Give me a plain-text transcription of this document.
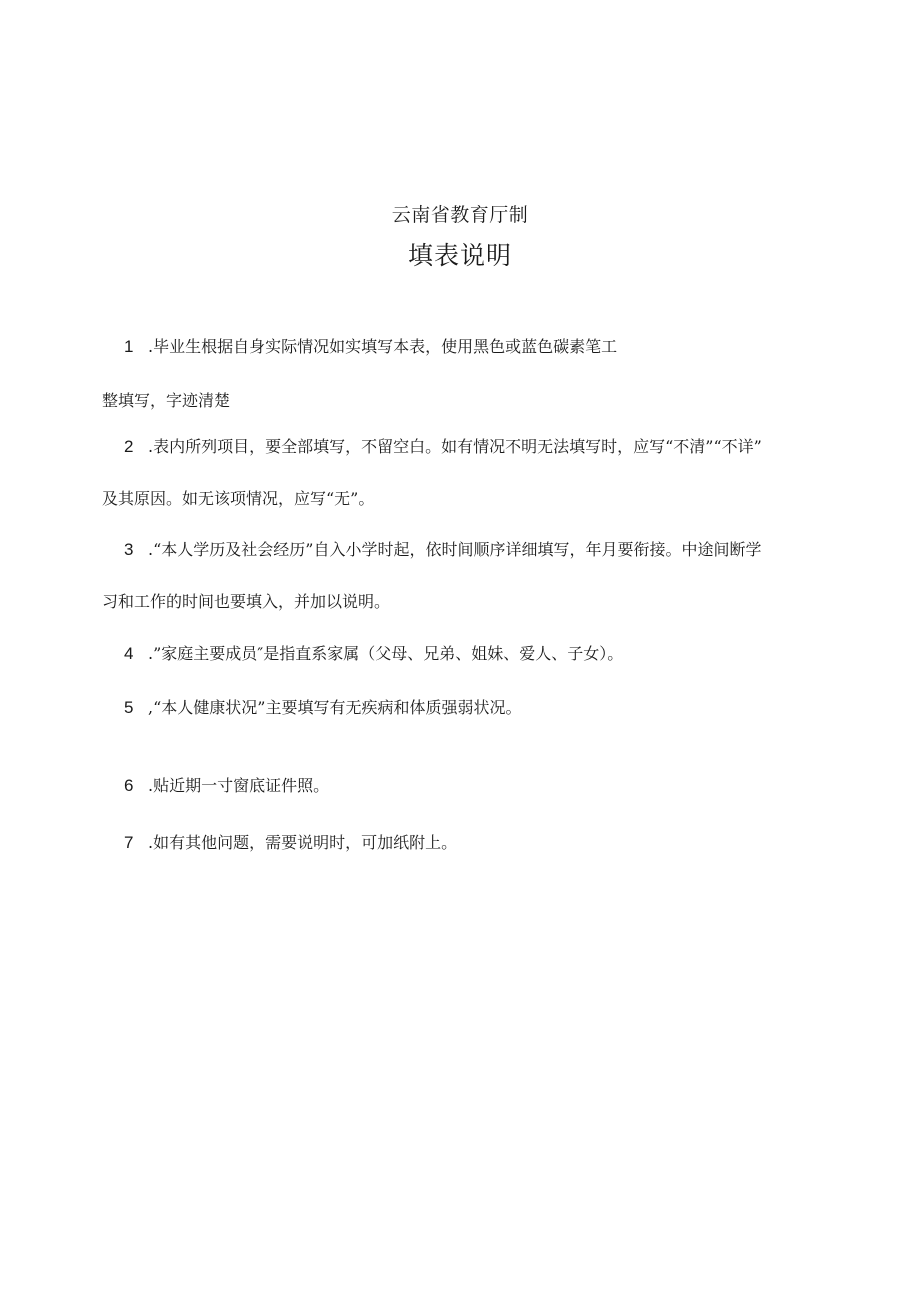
云南省教育厅制
填表说明
1 .毕业生根据自身实际情况如实填写本表，使用黑色或蓝色碳素笔工
整填写，字迹清楚
2 .表内所列项目，要全部填写，不留空白。如有情况不明无法填写时，应写“不清”“不详”
及其原因。如无该项情况，应写“无”。
3 .“本人学历及社会经历”自入小学时起，依时间顺序详细填写，年月要衔接。中途间断学
习和工作的时间也要填入，并加以说明。
4 .”家庭主要成员″是指直系家属（父母、兄弟、姐妹、爱人、子女）。
5 ,“本人健康状况”主要填写有无疾病和体质强弱状况。
6 .贴近期一寸窗底证件照。
7 .如有其他问题，需要说明时，可加纸附上。
